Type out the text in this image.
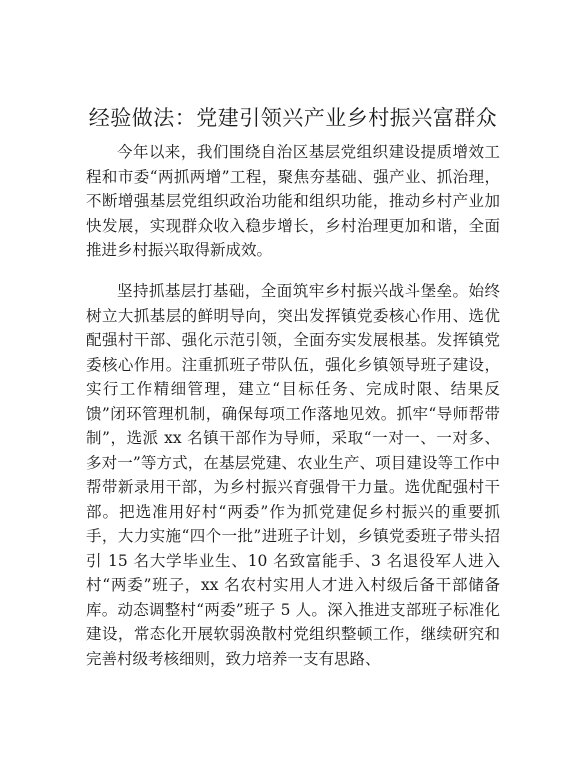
经验做法：党建引领兴产业乡村振兴富群众

今年以来，我们围绕自治区基层党组织建设提质增效工程和市委“两抓两增”工程，聚焦夯基础、强产业、抓治理，不断增强基层党组织政治功能和组织功能，推动乡村产业加快发展，实现群众收入稳步增长，乡村治理更加和谐，全面推进乡村振兴取得新成效。

坚持抓基层打基础，全面筑牢乡村振兴战斗堡垒。始终树立大抓基层的鲜明导向，突出发挥镇党委核心作用、选优配强村干部、强化示范引领，全面夯实发展根基。发挥镇党委核心作用。注重抓班子带队伍，强化乡镇领导班子建设，实行工作精细管理，建立“目标任务、完成时限、结果反馈”闭环管理机制，确保每项工作落地见效。抓牢“导师帮带制”，选派 xx 名镇干部作为导师，采取“一对一、一对多、多对一”等方式，在基层党建、农业生产、项目建设等工作中帮带新录用干部，为乡村振兴育强骨干力量。选优配强村干部。把选准用好村“两委”作为抓党建促乡村振兴的重要抓手，大力实施“四个一批”进班子计划，乡镇党委班子带头招引 15 名大学毕业生、10 名致富能手、3 名退役军人进入村“两委”班子，xx 名农村实用人才进入村级后备干部储备库。动态调整村“两委”班子 5 人。深入推进支部班子标准化建设，常态化开展软弱涣散村党组织整顿工作，继续研究和完善村级考核细则，致力培养一支有思路、
